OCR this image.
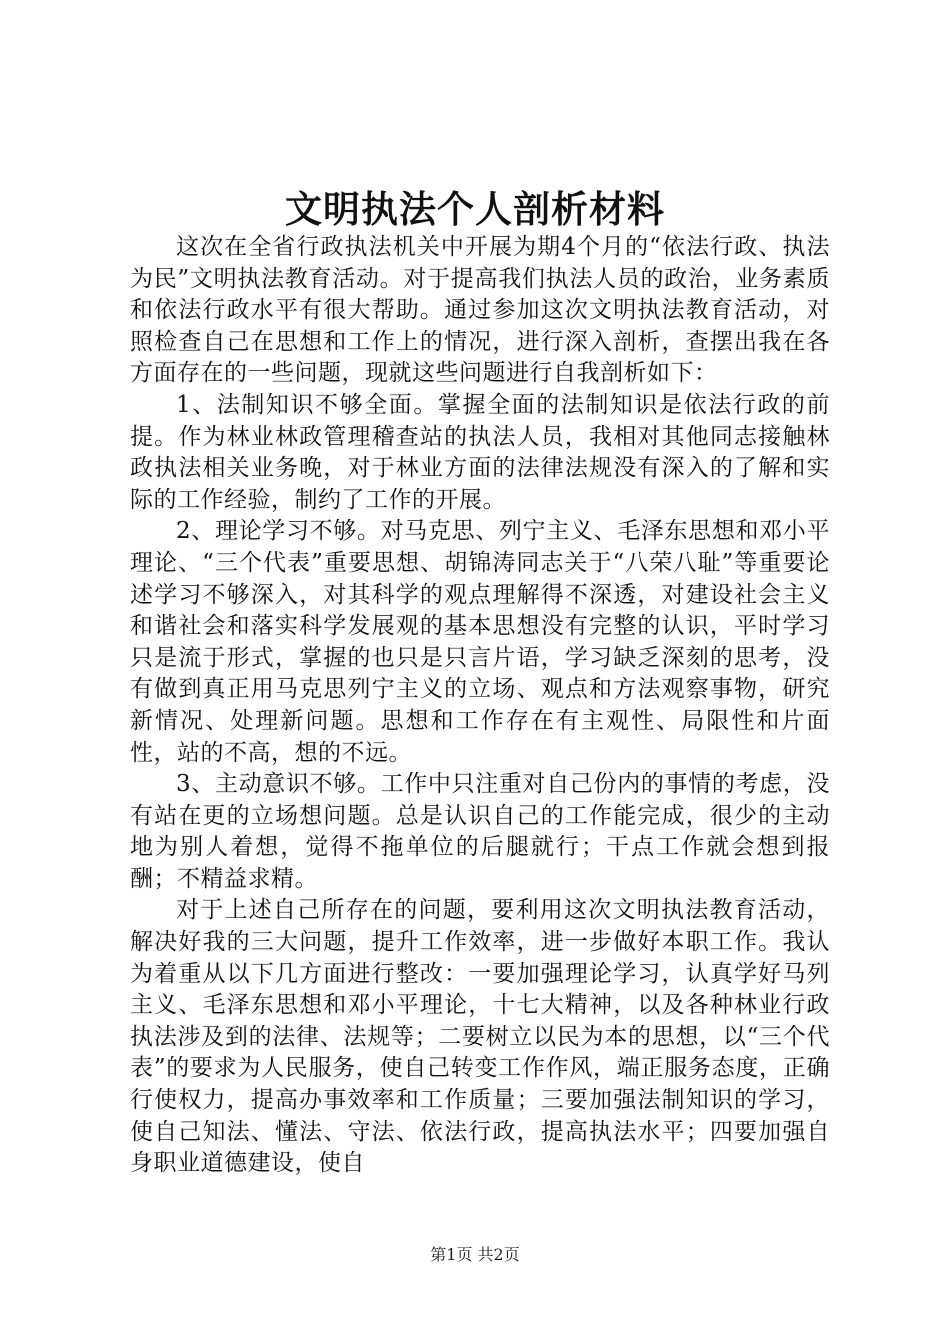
文明执法个人剖析材料

这次在全省行政执法机关中开展为期4个月的“依法行政、执法为民”文明执法教育活动。对于提高我们执法人员的政治，业务素质和依法行政水平有很大帮助。通过参加这次文明执法教育活动，对照检查自己在思想和工作上的情况，进行深入剖析，查摆出我在各方面存在的一些问题，现就这些问题进行自我剖析如下：

1、法制知识不够全面。掌握全面的法制知识是依法行政的前提。作为林业林政管理稽查站的执法人员，我相对其他同志接触林政执法相关业务晚，对于林业方面的法律法规没有深入的了解和实际的工作经验，制约了工作的开展。

2、理论学习不够。对马克思、列宁主义、毛泽东思想和邓小平理论、“三个代表”重要思想、胡锦涛同志关于“八荣八耻”等重要论述学习不够深入，对其科学的观点理解得不深透，对建设社会主义和谐社会和落实科学发展观的基本思想没有完整的认识，平时学习只是流于形式，掌握的也只是只言片语，学习缺乏深刻的思考，没有做到真正用马克思列宁主义的立场、观点和方法观察事物，研究新情况、处理新问题。思想和工作存在有主观性、局限性和片面性，站的不高，想的不远。

3、主动意识不够。工作中只注重对自己份内的事情的考虑，没有站在更的立场想问题。总是认识自己的工作能完成，很少的主动地为别人着想，觉得不拖单位的后腿就行；干点工作就会想到报酬；不精益求精。

对于上述自己所存在的问题，要利用这次文明执法教育活动，解决好我的三大问题，提升工作效率，进一步做好本职工作。我认为着重从以下几方面进行整改：一要加强理论学习，认真学好马列主义、毛泽东思想和邓小平理论，十七大精神，以及各种林业行政执法涉及到的法律、法规等；二要树立以民为本的思想，以“三个代表”的要求为人民服务，使自己转变工作作风，端正服务态度，正确行使权力，提高办事效率和工作质量；三要加强法制知识的学习，使自己知法、懂法、守法、依法行政，提高执法水平；四要加强自身职业道德建设，使自

第1页 共2页
